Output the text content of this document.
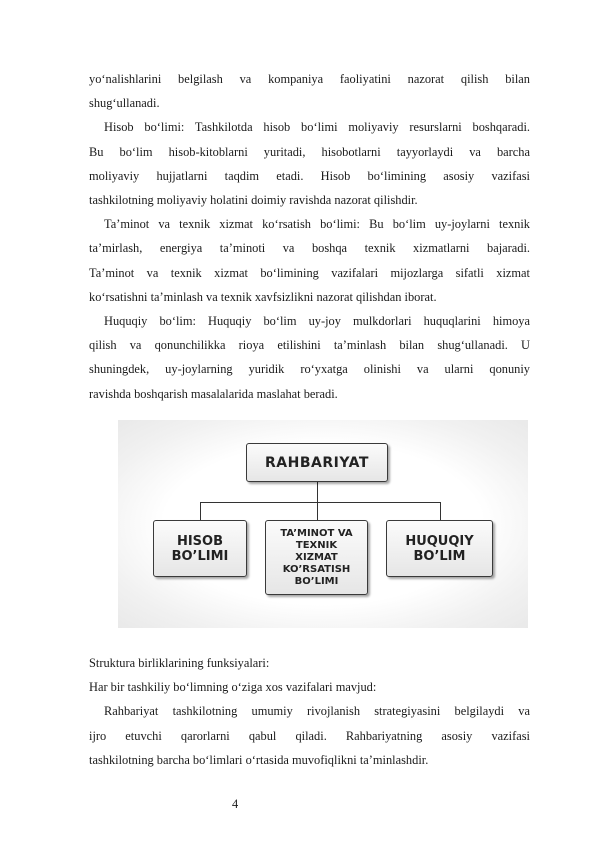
yo‘nalishlarini belgilash va kompaniya faoliyatini nazorat qilish bilan

shug‘ullanadi.

Hisob bo‘limi: Tashkilotda hisob bo‘limi moliyaviy resurslarni boshqaradi.

Bu bo‘lim hisob-kitoblarni yuritadi, hisobotlarni tayyorlaydi va barcha

moliyaviy hujjatlarni taqdim etadi. Hisob bo‘limining asosiy vazifasi

tashkilotning moliyaviy holatini doimiy ravishda nazorat qilishdir.

Ta’minot va texnik xizmat ko‘rsatish bo‘limi: Bu bo‘lim uy-joylarni texnik

ta’mirlash, energiya ta’minoti va boshqa texnik xizmatlarni bajaradi.

Ta’minot va texnik xizmat bo‘limining vazifalari mijozlarga sifatli xizmat

ko‘rsatishni ta’minlash va texnik xavfsizlikni nazorat qilishdan iborat.

Huquqiy bo‘lim: Huquqiy bo‘lim uy-joy mulkdorlari huquqlarini himoya

qilish va qonunchilikka rioya etilishini ta’minlash bilan shug‘ullanadi. U

shuningdek, uy-joylarning yuridik ro‘yxatga olinishi va ularni qonuniy

ravishda boshqarish masalalarida maslahat beradi.

RAHBARIYAT
HISOB
BO’LIMI
TA’MINOT VA
TEXNIK
XIZMAT
KO’RSATISH
BO’LIMI
HUQUQIY
BO’LIM

Struktura birliklarining funksiyalari:

Har bir tashkiliy bo‘limning o‘ziga xos vazifalari mavjud:

Rahbariyat tashkilotning umumiy rivojlanish strategiyasini belgilaydi va

ijro etuvchi qarorlarni qabul qiladi. Rahbariyatning asosiy vazifasi

tashkilotning barcha bo‘limlari o‘rtasida muvofiqlikni ta’minlashdir.

4
